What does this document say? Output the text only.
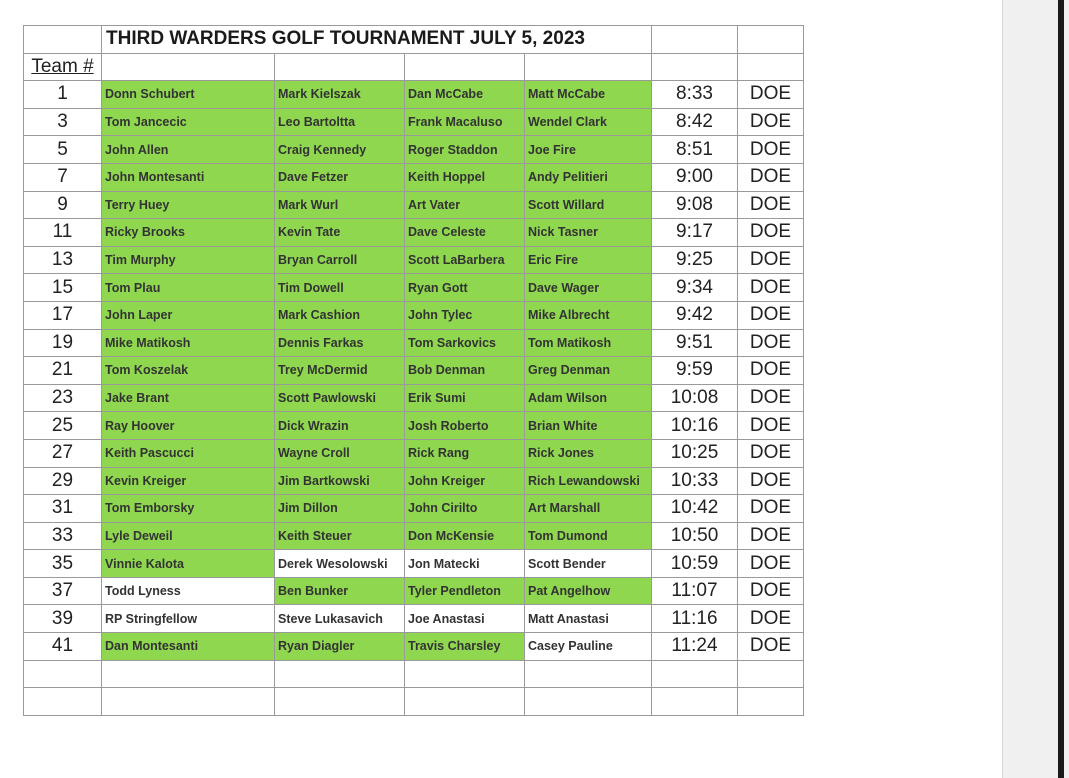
	THIRD WARDERS GOLF TOURNAMENT JULY 5, 2023					
Team #						
1	Donn Schubert	Mark Kielszak	Dan McCabe	Matt McCabe	8:33	DOE
3	Tom Jancecic	Leo Bartoltta	Frank Macaluso	Wendel Clark	8:42	DOE
5	John Allen	Craig Kennedy	Roger Staddon	Joe Fire	8:51	DOE
7	John Montesanti	Dave Fetzer	Keith Hoppel	Andy Pelitieri	9:00	DOE
9	Terry Huey	Mark Wurl	Art Vater	Scott Willard	9:08	DOE
11	Ricky Brooks	Kevin Tate	Dave Celeste	Nick Tasner	9:17	DOE
13	Tim Murphy	Bryan Carroll	Scott LaBarbera	Eric Fire	9:25	DOE
15	Tom Plau	Tim Dowell	Ryan Gott	Dave Wager	9:34	DOE
17	John Laper	Mark Cashion	John Tylec	Mike Albrecht	9:42	DOE
19	Mike Matikosh	Dennis Farkas	Tom Sarkovics	Tom Matikosh	9:51	DOE
21	Tom Koszelak	Trey McDermid	Bob Denman	Greg Denman	9:59	DOE
23	Jake Brant	Scott Pawlowski	Erik Sumi	Adam Wilson	10:08	DOE
25	Ray Hoover	Dick Wrazin	Josh Roberto	Brian White	10:16	DOE
27	Keith Pascucci	Wayne Croll	Rick Rang	Rick Jones	10:25	DOE
29	Kevin Kreiger	Jim Bartkowski	John Kreiger	Rich Lewandowski	10:33	DOE
31	Tom Emborsky	Jim Dillon	John Cirilto	Art Marshall	10:42	DOE
33	Lyle Deweil	Keith Steuer	Don McKensie	Tom Dumond	10:50	DOE
35	Vinnie Kalota	Derek Wesolowski	Jon Matecki	Scott Bender	10:59	DOE
37	Todd Lyness	Ben Bunker	Tyler Pendleton	Pat Angelhow	11:07	DOE
39	RP Stringfellow	Steve Lukasavich	Joe Anastasi	Matt Anastasi	11:16	DOE
41	Dan Montesanti	Ryan Diagler	Travis Charsley	Casey Pauline	11:24	DOE
